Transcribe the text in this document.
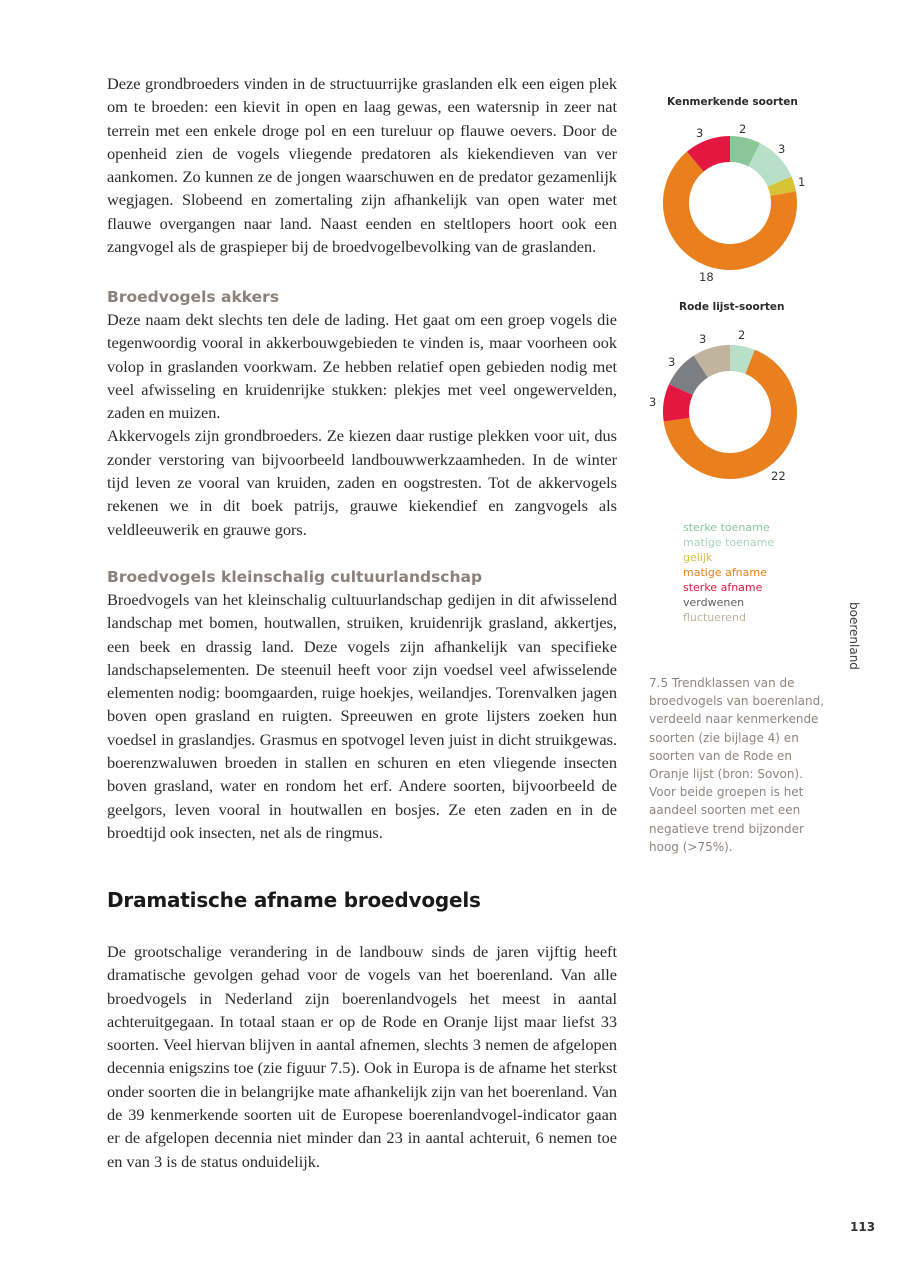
Deze grondbroeders vinden in de structuurrijke graslanden elk een eigen plek om te broeden: een kievit in open en laag gewas, een watersnip in zeer nat terrein met een enkele droge pol en een tureluur op flauwe oevers. Door de openheid zien de vogels vliegende predatoren als kiekendieven van ver aankomen. Zo kunnen ze de jongen waarschuwen en de predator gezamenlijk wegjagen. Slobeend en zomertaling zijn afhankelijk van open water met flauwe overgangen naar land. Naast eenden en steltlopers hoort ook een zangvogel als de graspieper bij de broedvogelbevolking van de graslanden.

Broedvogels akkers

Deze naam dekt slechts ten dele de lading. Het gaat om een groep vogels die tegenwoordig vooral in akkerbouwgebieden te vinden is, maar voorheen ook volop in graslanden voorkwam. Ze hebben relatief open gebieden nodig met veel afwisseling en kruidenrijke stukken: plekjes met veel ongewervelden, zaden en muizen.

Akkervogels zijn grondbroeders. Ze kiezen daar rustige plekken voor uit, dus zonder verstoring van bijvoorbeeld landbouwwerkzaamheden. In de winter tijd leven ze vooral van kruiden, zaden en oogstresten. Tot de akkervogels rekenen we in dit boek patrijs, grauwe kiekendief en zangvogels als veldleeuwerik en grauwe gors.

Broedvogels kleinschalig cultuurlandschap

Broedvogels van het kleinschalig cultuurlandschap gedijen in dit afwisselend landschap met bomen, houtwallen, struiken, kruidenrijk grasland, akkertjes, een beek en drassig land. Deze vogels zijn afhankelijk van specifieke landschapselementen. De steenuil heeft voor zijn voedsel veel afwisselende elementen nodig: boomgaarden, ruige hoekjes, weilandjes. Torenvalken jagen boven open grasland en ruigten. Spreeuwen en grote lijsters zoeken hun voedsel in graslandjes. Grasmus en spotvogel leven juist in dicht struikgewas. boerenzwaluwen broeden in stallen en schuren en eten vliegende insecten boven grasland, water en rondom het erf. Andere soorten, bijvoorbeeld de geelgors, leven vooral in houtwallen en bosjes. Ze eten zaden en in de broedtijd ook insecten, net als de ringmus.

Dramatische afname broedvogels

De grootschalige verandering in de landbouw sinds de jaren vijftig heeft dramatische gevolgen gehad voor de vogels van het boerenland. Van alle broedvogels in Nederland zijn boerenlandvogels het meest in aantal achteruitgegaan. In totaal staan er op de Rode en Oranje lijst maar liefst 33 soorten. Veel hiervan blijven in aantal afnemen, slechts 3 nemen de afgelopen decennia enigszins toe (zie figuur 7.5). Ook in Europa is de afname het sterkst onder soorten die in belangrijke mate afhankelijk zijn van het boerenland. Van de 39 kenmerkende soorten uit de Europese boerenlandvogel-indicator gaan er de afgelopen decennia niet minder dan 23 in aantal achteruit, 6 nemen toe en van 3 is de status onduidelijk.

Kenmerkende soorten
2
3
1
18
3
Rode lijst-soorten
2
22
3
3
3
sterke toename
matige toename
gelijk
matige afname
sterke afname
verdwenen
fluctuerend
7.5 Trendklassen van de broedvogels van boerenland, verdeeld naar kenmerkende soorten (zie bijlage 4) en soorten van de Rode en Oranje lijst (bron: Sovon). Voor beide groepen is het aandeel soorten met een negatieve trend bijzonder hoog (>75%).
boerenland
113
